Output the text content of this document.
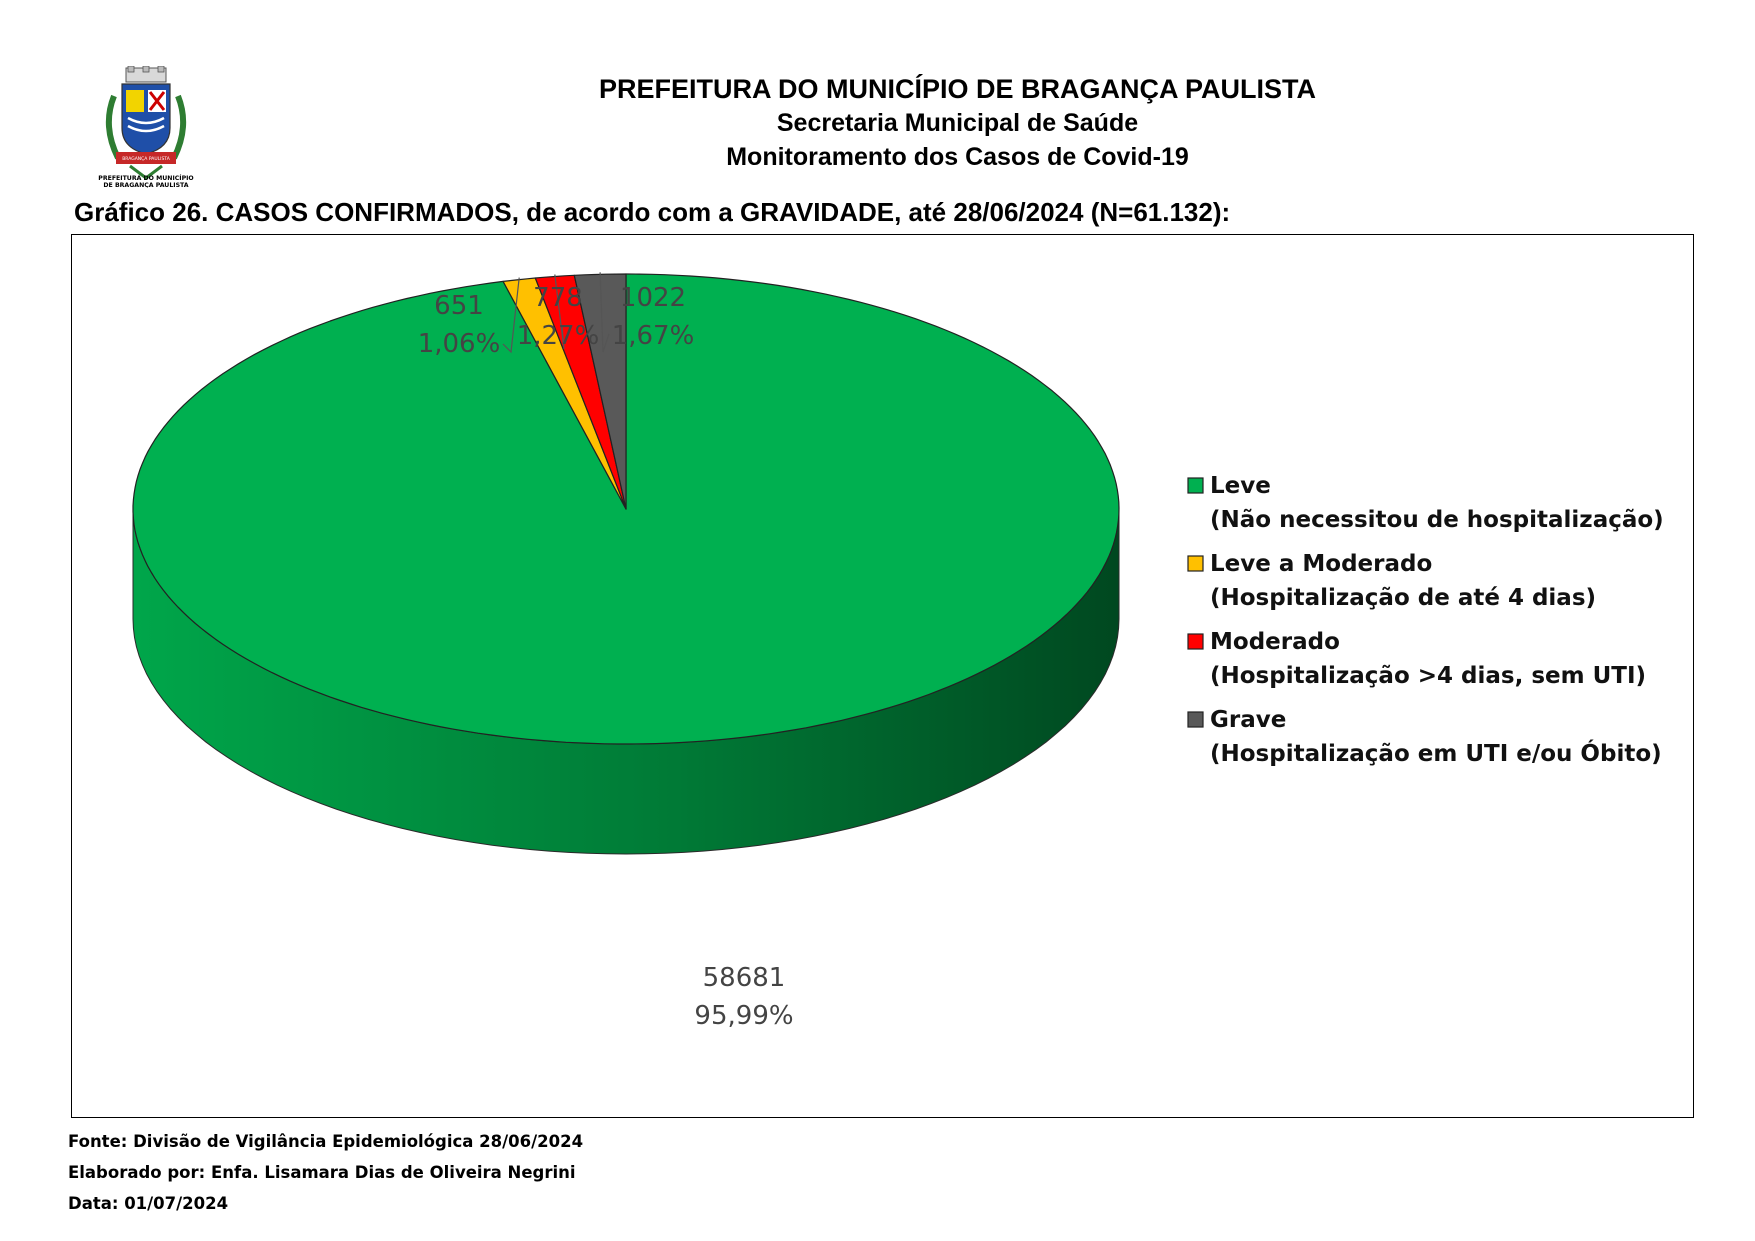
BRAGANÇA PAULISTA
PREFEITURA DO MUNICÍPIO
DE BRAGANÇA PAULISTA
PREFEITURA DO MUNICÍPIO DE BRAGANÇA PAULISTA
Secretaria Municipal de Saúde
Monitoramento dos Casos de Covid-19
Gráfico 26. CASOS CONFIRMADOS, de acordo com a GRAVIDADE, até 28/06/2024 (N=61.132):
58681
95,99%
651
1,06%
778
1,27%
1022
1,67%
Leve
(Não necessitou de hospitalização)
Leve a Moderado
(Hospitalização de até 4 dias)
Moderado
(Hospitalização >4 dias, sem UTI)
Grave
(Hospitalização em UTI e/ou Óbito)
Fonte: Divisão de Vigilância Epidemiológica 28/06/2024
Elaborado por: Enfa. Lisamara Dias de Oliveira Negrini
Data: 01/07/2024
